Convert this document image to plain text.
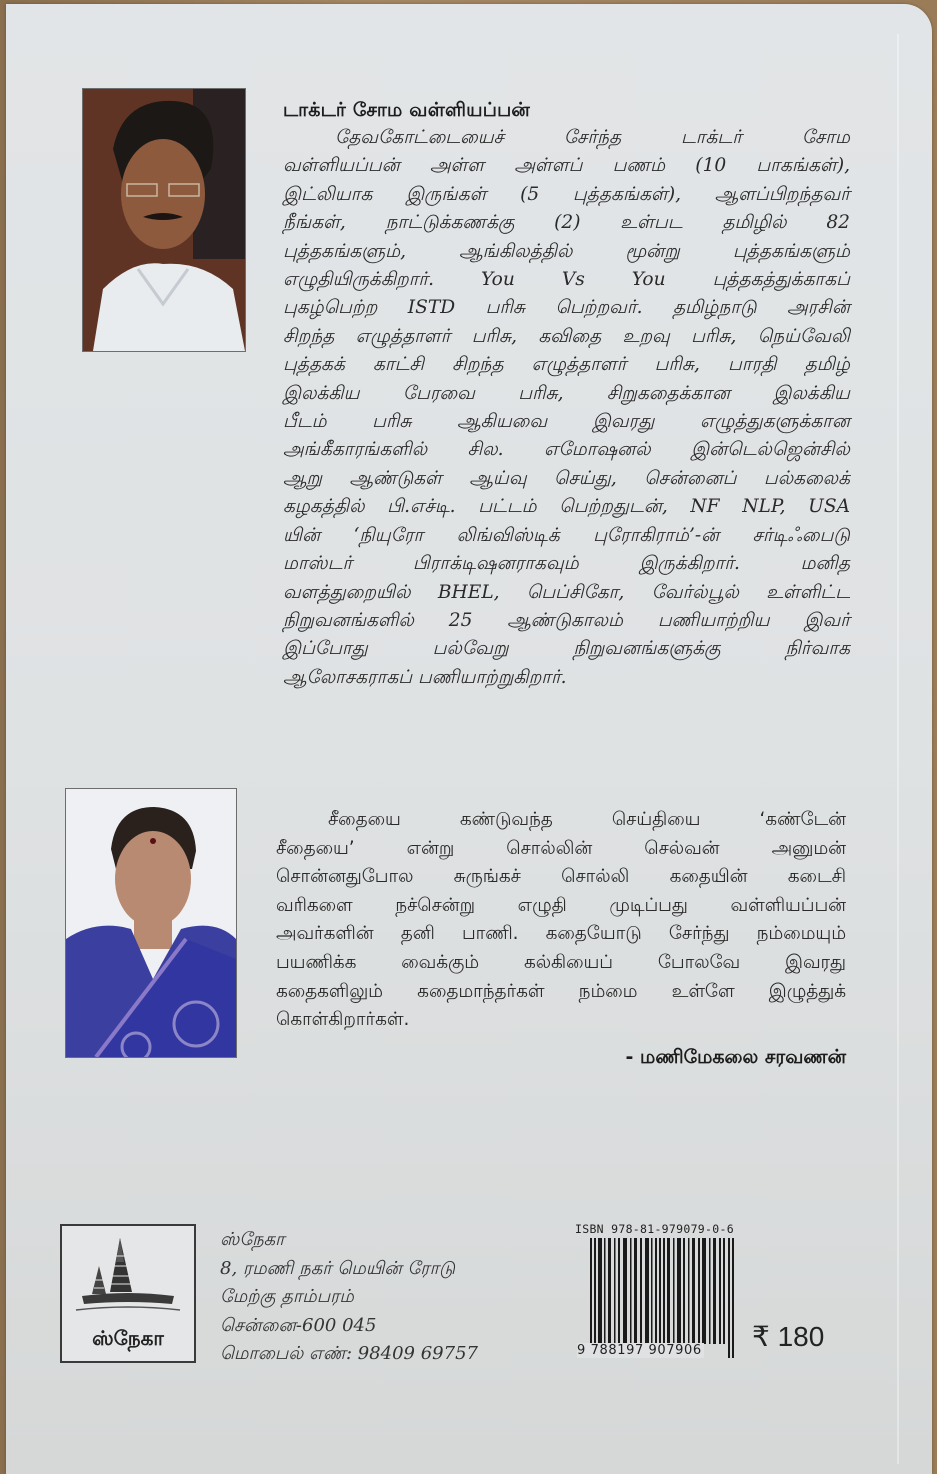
டாக்டர் சோம வள்ளியப்பன்
தேவகோட்டையைச் சேர்ந்த டாக்டர் சோம
வள்ளியப்பன் அள்ள அள்ளப் பணம் (10 பாகங்கள்),
இட்லியாக இருங்கள் (5 புத்தகங்கள்), ஆளப்பிறந்தவர்
நீங்கள், நாட்டுக்கணக்கு (2) உள்பட தமிழில் 82
புத்தகங்களும், ஆங்கிலத்தில் மூன்று புத்தகங்களும்
எழுதியிருக்கிறார். You Vs You புத்தகத்துக்காகப்
புகழ்பெற்ற ISTD பரிசு பெற்றவர். தமிழ்நாடு அரசின்
சிறந்த எழுத்தாளர் பரிசு, கவிதை உறவு பரிசு, நெய்வேலி
புத்தகக் காட்சி சிறந்த எழுத்தாளர் பரிசு, பாரதி தமிழ்
இலக்கிய பேரவை பரிசு, சிறுகதைக்கான இலக்கிய
பீடம் பரிசு ஆகியவை இவரது எழுத்துகளுக்கான
அங்கீகாரங்களில் சில. எமோஷனல் இன்டெல்ஜென்சில்
ஆறு ஆண்டுகள் ஆய்வு செய்து, சென்னைப் பல்கலைக்
கழகத்தில் பி.எச்டி. பட்டம் பெற்றதுடன், NF NLP, USA
யின் ‘நியுரோ லிங்விஸ்டிக் புரோகிராம்’-ன் சர்டிஃபைடு
மாஸ்டர் பிராக்டிஷனராகவும் இருக்கிறார். மனித
வளத்துறையில் BHEL, பெப்சிகோ, வேர்ல்பூல் உள்ளிட்ட
நிறுவனங்களில் 25 ஆண்டுகாலம் பணியாற்றிய இவர்
இப்போது பல்வேறு நிறுவனங்களுக்கு நிர்வாக
ஆலோசகராகப் பணியாற்றுகிறார்.
சீதையை கண்டுவந்த செய்தியை ‘கண்டேன்
சீதையை’ என்று சொல்லின் செல்வன் அனுமன்
சொன்னதுபோல சுருங்கச் சொல்லி கதையின் கடைசி
வரிகளை நச்சென்று எழுதி முடிப்பது வள்ளியப்பன்
அவர்களின் தனி பாணி. கதையோடு சேர்ந்து நம்மையும்
பயணிக்க வைக்கும் கல்கியைப் போலவே இவரது
கதைகளிலும் கதைமாந்தர்கள் நம்மை உள்ளே இழுத்துக்
கொள்கிறார்கள்.
- மணிமேகலை சரவணன்
ஸ்நேகா
ஸ்நேகா
8, ரமணி நகர் மெயின் ரோடு
மேற்கு தாம்பரம்
சென்னை-600 045
மொபைல் எண்: 98409 69757
ISBN 978-81-979079-0-6
9 788197 907906 ₹ 180
